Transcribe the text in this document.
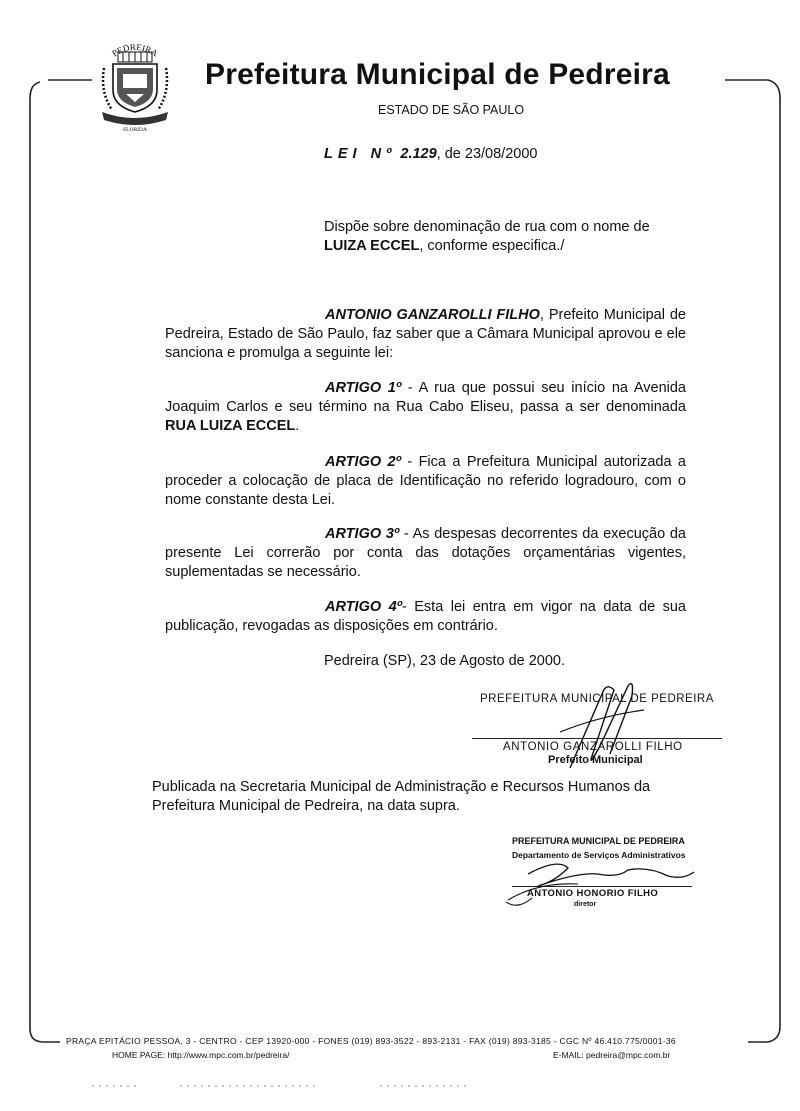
PEDREIRA
FLORIDA
Prefeitura Municipal de Pedreira
ESTADO DE SÃO PAULO
LEI Nº 2.129, de 23/08/2000
Dispõe sobre denominação de rua com o nome de LUIZA ECCEL, conforme especifica./
ANTONIO GANZAROLLI FILHO, Prefeito Municipal de Pedreira, Estado de São Paulo, faz saber que a Câmara Municipal aprovou e ele sanciona e promulga a seguinte lei:
ARTIGO 1º - A rua que possui seu início na Avenida Joaquim Carlos e seu término na Rua Cabo Eliseu, passa a ser denominada RUA LUIZA ECCEL.
ARTIGO 2º - Fica a Prefeitura Municipal autorizada a proceder a colocação de placa de Identificação no referido logradouro, com o nome constante desta Lei.
ARTIGO 3º - As despesas decorrentes da execução da presente Lei correrão por conta das dotações orçamentárias vigentes, suplementadas se necessário.
ARTIGO 4º- Esta lei entra em vigor na data de sua publicação, revogadas as disposições em contrário.
Pedreira (SP), 23 de Agosto de 2000.
PREFEITURA MUNICIPAL DE PEDREIRA
ANTONIO GANZAROLLI FILHO
Prefeito Municipal
Publicada na Secretaria Municipal de Administração e Recursos Humanos da Prefeitura Municipal de Pedreira, na data supra.
PREFEITURA MUNICIPAL DE PEDREIRA
Departamento de Serviços Administrativos
ANTONIO HONORIO FILHO
diretor
PRAÇA EPITÁCIO PESSOA, 3 - CENTRO - CEP 13920-000 - FONES (019) 893-3522 - 893-2131 - FAX (019) 893-3185 - CGC Nº 46.410.775/0001-36
HOME PAGE: http://www.mpc.com.br/pedreira/	E-MAIL: pedreira@mpc.com.br
